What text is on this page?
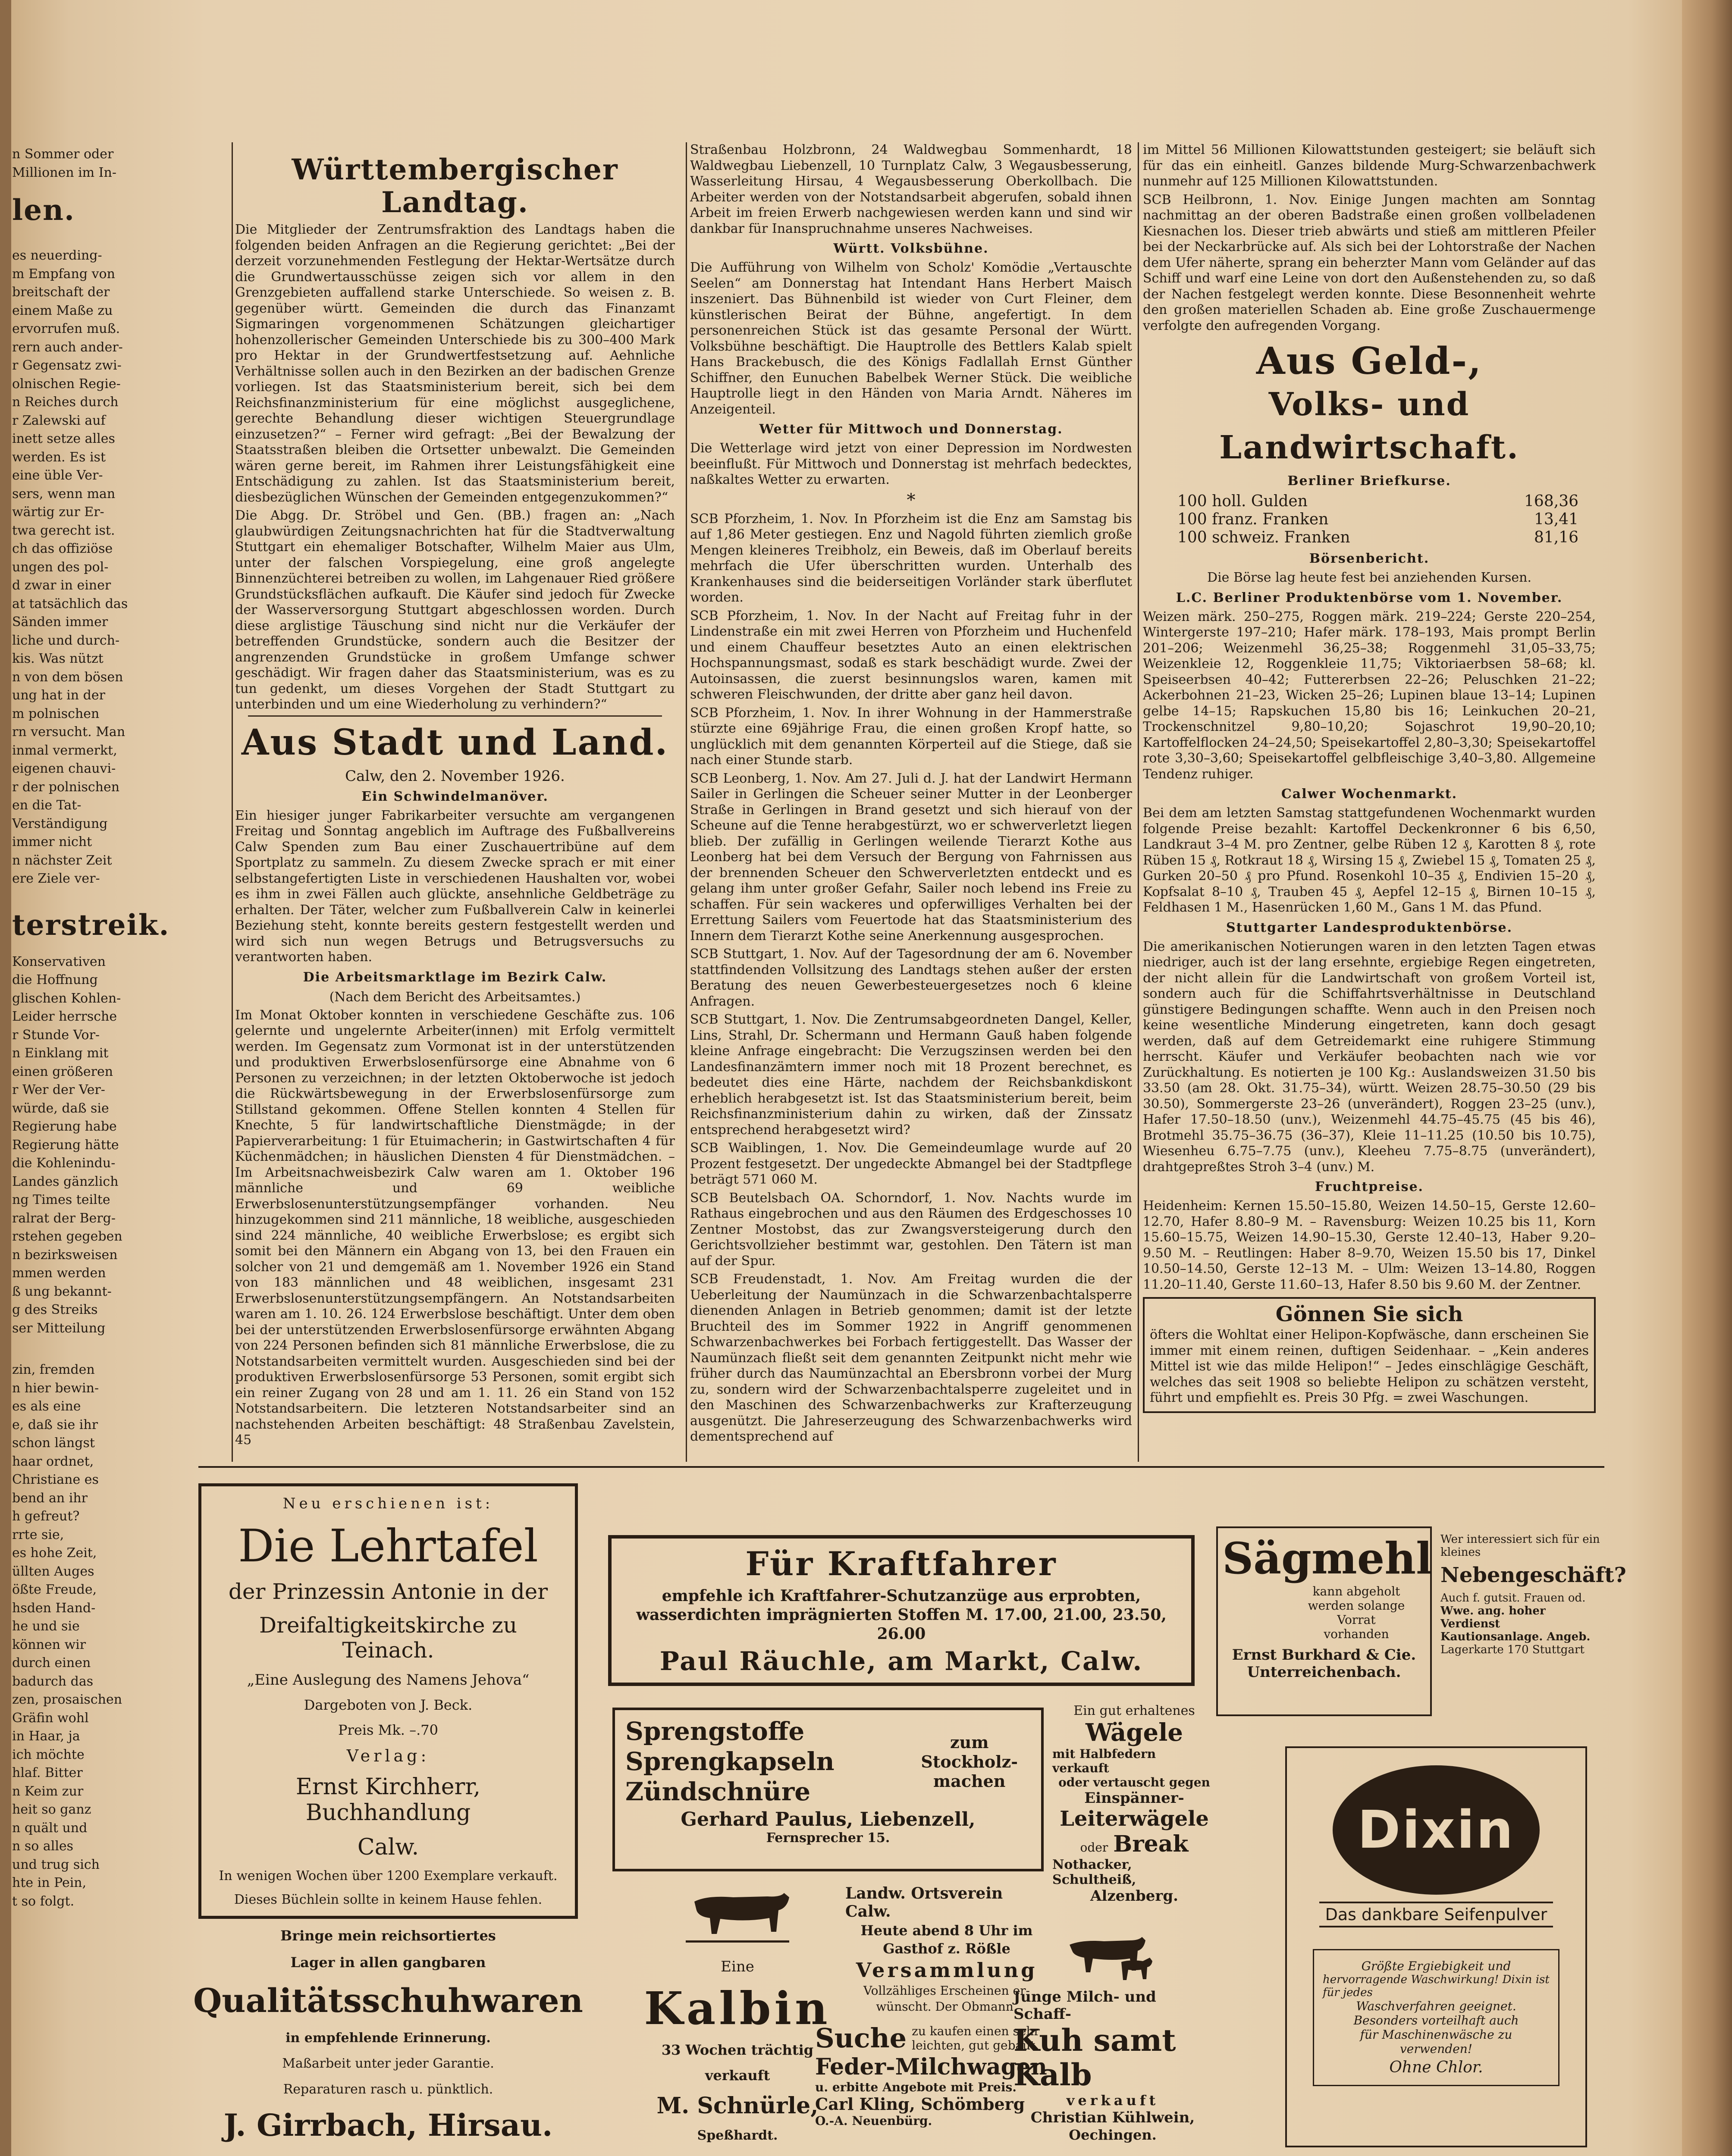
n Sommer oder

Millionen im In-

len.

es neuerding-

m Empfang von

breitschaft der

einem Maße zu

ervorrufen muß.

rern auch ander-

r Gegensatz zwi-

olnischen Regie-

n Reiches durch

r Zalewski auf

inett setze alles

werden. Es ist

eine üble Ver-

sers, wenn man

wärtig zur Er-

twa gerecht ist.

ch das offiziöse

ungen des pol-

d zwar in einer

at tatsächlich das

Sänden immer

liche und durch-

kis. Was nützt

n von dem bösen

ung hat in der

m polnischen

rn versucht. Man

inmal vermerkt,

eigenen chauvi-

r der polnischen

en die Tat-

Verständigung

immer nicht

n nächster Zeit

ere Ziele ver-

terstreik.

Konservativen

die Hoffnung

glischen Kohlen-

Leider herrsche

r Stunde Vor-

n Einklang mit

einen größeren

r Wer der Ver-

würde, daß sie

Regierung habe

Regierung hätte

die Kohlenindu-

Landes gänzlich

ng Times teilte

ralrat der Berg-

rstehen gegeben

n bezirksweisen

mmen werden

ß ung bekannt-

g des Streiks

ser Mitteilung

zin, fremden

n hier bewin-

es als eine

e, daß sie ihr

schon längst

haar ordnet,

Christiane es

bend an ihr

h gefreut?

rrte sie,

es hohe Zeit,

üllten Auges

ößte Freude,

hsden Hand-

he und sie

können wir

durch einen

badurch das

zen, prosaischen

Gräfin wohl

in Haar, ja

ich möchte

hlaf. Bitter

n Keim zur

heit so ganz

n quält und

n so alles

und trug sich

hte in Pein,

t so folgt.

Württembergischer Landtag.

Die Mitglieder der Zentrumsfraktion des Landtags haben die folgenden beiden Anfragen an die Regierung gerichtet: „Bei der derzeit vorzunehmenden Festlegung der Hektar-Wertsätze durch die Grundwertausschüsse zeigen sich vor allem in den Grenzgebieten auffallend starke Unterschiede. So weisen z. B. gegenüber württ. Gemeinden die durch das Finanzamt Sigmaringen vorgenommenen Schätzungen gleichartiger hohenzollerischer Gemeinden Unterschiede bis zu 300–400 Mark pro Hektar in der Grundwertfestsetzung auf. Aehnliche Verhältnisse sollen auch in den Bezirken an der badischen Grenze vorliegen. Ist das Staatsministerium bereit, sich bei dem Reichsfinanzministerium für eine möglichst ausgeglichene, gerechte Behandlung dieser wichtigen Steuergrundlage einzusetzen?“ – Ferner wird gefragt: „Bei der Bewalzung der Staatsstraßen bleiben die Ortsetter unbewalzt. Die Gemeinden wären gerne bereit, im Rahmen ihrer Leistungsfähigkeit eine Entschädigung zu zahlen. Ist das Staatsministerium bereit, diesbezüglichen Wünschen der Gemeinden entgegenzukommen?“

Die Abgg. Dr. Ströbel und Gen. (BB.) fragen an: „Nach glaubwürdigen Zeitungsnachrichten hat für die Stadtverwaltung Stuttgart ein ehemaliger Botschafter, Wilhelm Maier aus Ulm, unter der falschen Vorspiegelung, eine groß angelegte Binnenzüchterei betreiben zu wollen, im Lahgenauer Ried größere Grundstücksflächen aufkauft. Die Käufer sind jedoch für Zwecke der Wasserversorgung Stuttgart abgeschlossen worden. Durch diese arglistige Täuschung sind nicht nur die Verkäufer der betreffenden Grundstücke, sondern auch die Besitzer der angrenzenden Grundstücke in großem Umfange schwer geschädigt. Wir fragen daher das Staatsministerium, was es zu tun gedenkt, um dieses Vorgehen der Stadt Stuttgart zu unterbinden und um eine Wiederholung zu verhindern?“

Aus Stadt und Land.
Calw, den 2. November 1926.
Ein Schwindelmanöver.

Ein hiesiger junger Fabrikarbeiter versuchte am vergangenen Freitag und Sonntag angeblich im Auftrage des Fußballvereins Calw Spenden zum Bau einer Zuschauertribüne auf dem Sportplatz zu sammeln. Zu diesem Zwecke sprach er mit einer selbstangefertigten Liste in verschiedenen Haushalten vor, wobei es ihm in zwei Fällen auch glückte, ansehnliche Geldbeträge zu erhalten. Der Täter, welcher zum Fußballverein Calw in keinerlei Beziehung steht, konnte bereits gestern festgestellt werden und wird sich nun wegen Betrugs und Betrugsversuchs zu verantworten haben.

Die Arbeitsmarktlage im Bezirk Calw.
(Nach dem Bericht des Arbeitsamtes.)

Im Monat Oktober konnten in verschiedene Geschäfte zus. 106 gelernte und ungelernte Arbeiter(innen) mit Erfolg vermittelt werden. Im Gegensatz zum Vormonat ist in der unterstützenden und produktiven Erwerbslosenfürsorge eine Abnahme von 6 Personen zu verzeichnen; in der letzten Oktoberwoche ist jedoch die Rückwärtsbewegung in der Erwerbslosenfürsorge zum Stillstand gekommen. Offene Stellen konnten 4 Stellen für Knechte, 5 für landwirtschaftliche Dienstmägde; in der Papierverarbeitung: 1 für Etuimacherin; in Gastwirtschaften 4 für Küchenmädchen; in häuslichen Diensten 4 für Dienstmädchen. – Im Arbeitsnachweisbezirk Calw waren am 1. Oktober 196 männliche und 69 weibliche Erwerbslosenunterstützungsempfänger vorhanden. Neu hinzugekommen sind 211 männliche, 18 weibliche, ausgeschieden sind 224 männliche, 40 weibliche Erwerbslose; es ergibt sich somit bei den Männern ein Abgang von 13, bei den Frauen ein solcher von 21 und demgemäß am 1. November 1926 ein Stand von 183 männlichen und 48 weiblichen, insgesamt 231 Erwerbslosenunterstützungsempfängern. An Notstandsarbeiten waren am 1. 10. 26. 124 Erwerbslose beschäftigt. Unter dem oben bei der unterstützenden Erwerbslosenfürsorge erwähnten Abgang von 224 Personen befinden sich 81 männliche Erwerbslose, die zu Notstandsarbeiten vermittelt wurden. Ausgeschieden sind bei der produktiven Erwerbslosenfürsorge 53 Personen, somit ergibt sich ein reiner Zugang von 28 und am 1. 11. 26 ein Stand von 152 Notstandsarbeitern. Die letzteren Notstandsarbeiter sind an nachstehenden Arbeiten beschäftigt: 48 Straßenbau Zavelstein, 45

Straßenbau Holzbronn, 24 Waldwegbau Sommenhardt, 18 Waldwegbau Liebenzell, 10 Turnplatz Calw, 3 Wegausbesserung, Wasserleitung Hirsau, 4 Wegausbesserung Oberkollbach. Die Arbeiter werden von der Notstandsarbeit abgerufen, sobald ihnen Arbeit im freien Erwerb nachgewiesen werden kann und sind wir dankbar für Inanspruchnahme unseres Nachweises.

Württ. Volksbühne.

Die Aufführung von Wilhelm von Scholz' Komödie „Vertauschte Seelen“ am Donnerstag hat Intendant Hans Herbert Maisch inszeniert. Das Bühnenbild ist wieder von Curt Fleiner, dem künstlerischen Beirat der Bühne, angefertigt. In dem personenreichen Stück ist das gesamte Personal der Württ. Volksbühne beschäftigt. Die Hauptrolle des Bettlers Kalab spielt Hans Brackebusch, die des Königs Fadlallah Ernst Günther Schiffner, den Eunuchen Babelbek Werner Stück. Die weibliche Hauptrolle liegt in den Händen von Maria Arndt. Näheres im Anzeigenteil.

Wetter für Mittwoch und Donnerstag.

Die Wetterlage wird jetzt von einer Depression im Nordwesten beeinflußt. Für Mittwoch und Donnerstag ist mehrfach bedecktes, naßkaltes Wetter zu erwarten.

*

SCB Pforzheim, 1. Nov. In Pforzheim ist die Enz am Samstag bis auf 1,86 Meter gestiegen. Enz und Nagold führten ziemlich große Mengen kleineres Treibholz, ein Beweis, daß im Oberlauf bereits mehrfach die Ufer überschritten wurden. Unterhalb des Krankenhauses sind die beiderseitigen Vorländer stark überflutet worden.

SCB Pforzheim, 1. Nov. In der Nacht auf Freitag fuhr in der Lindenstraße ein mit zwei Herren von Pforzheim und Huchenfeld und einem Chauffeur besetztes Auto an einen elektrischen Hochspannungsmast, sodaß es stark beschädigt wurde. Zwei der Autoinsassen, die zuerst besinnungslos waren, kamen mit schweren Fleischwunden, der dritte aber ganz heil davon.

SCB Pforzheim, 1. Nov. In ihrer Wohnung in der Hammerstraße stürzte eine 69jährige Frau, die einen großen Kropf hatte, so unglücklich mit dem genannten Körperteil auf die Stiege, daß sie nach einer Stunde starb.

SCB Leonberg, 1. Nov. Am 27. Juli d. J. hat der Landwirt Hermann Sailer in Gerlingen die Scheuer seiner Mutter in der Leonberger Straße in Gerlingen in Brand gesetzt und sich hierauf von der Scheune auf die Tenne herabgestürzt, wo er schwerverletzt liegen blieb. Der zufällig in Gerlingen weilende Tierarzt Kothe aus Leonberg hat bei dem Versuch der Bergung von Fahrnissen aus der brennenden Scheuer den Schwerverletzten entdeckt und es gelang ihm unter großer Gefahr, Sailer noch lebend ins Freie zu schaffen. Für sein wackeres und opferwilliges Verhalten bei der Errettung Sailers vom Feuertode hat das Staatsministerium des Innern dem Tierarzt Kothe seine Anerkennung ausgesprochen.

SCB Stuttgart, 1. Nov. Auf der Tagesordnung der am 6. November stattfindenden Vollsitzung des Landtags stehen außer der ersten Beratung des neuen Gewerbesteuergesetzes noch 6 kleine Anfragen.

SCB Stuttgart, 1. Nov. Die Zentrumsabgeordneten Dangel, Keller, Lins, Strahl, Dr. Schermann und Hermann Gauß haben folgende kleine Anfrage eingebracht: Die Verzugszinsen werden bei den Landesfinanzämtern immer noch mit 18 Prozent berechnet, es bedeutet dies eine Härte, nachdem der Reichsbankdiskont erheblich herabgesetzt ist. Ist das Staatsministerium bereit, beim Reichsfinanzministerium dahin zu wirken, daß der Zinssatz entsprechend herabgesetzt wird?

SCB Waiblingen, 1. Nov. Die Gemeindeumlage wurde auf 20 Prozent festgesetzt. Der ungedeckte Abmangel bei der Stadtpflege beträgt 571 060 M.

SCB Beutelsbach OA. Schorndorf, 1. Nov. Nachts wurde im Rathaus eingebrochen und aus den Räumen des Erdgeschosses 10 Zentner Mostobst, das zur Zwangsversteigerung durch den Gerichtsvollzieher bestimmt war, gestohlen. Den Tätern ist man auf der Spur.

SCB Freudenstadt, 1. Nov. Am Freitag wurden die der Ueberleitung der Naumünzach in die Schwarzenbachtalsperre dienenden Anlagen in Betrieb genommen; damit ist der letzte Bruchteil des im Sommer 1922 in Angriff genommenen Schwarzenbachwerkes bei Forbach fertiggestellt. Das Wasser der Naumünzach fließt seit dem genannten Zeitpunkt nicht mehr wie früher durch das Naumünzachtal an Ebersbronn vorbei der Murg zu, sondern wird der Schwarzenbachtalsperre zugeleitet und in den Maschinen des Schwarzenbachwerks zur Krafterzeugung ausgenützt. Die Jahreserzeugung des Schwarzenbachwerks wird dementsprechend auf

im Mittel 56 Millionen Kilowattstunden gesteigert; sie beläuft sich für das ein einheitl. Ganzes bildende Murg-Schwarzenbachwerk nunmehr auf 125 Millionen Kilowattstunden.

SCB Heilbronn, 1. Nov. Einige Jungen machten am Sonntag nachmittag an der oberen Badstraße einen großen vollbeladenen Kiesnachen los. Dieser trieb abwärts und stieß am mittleren Pfeiler bei der Neckarbrücke auf. Als sich bei der Lohtorstraße der Nachen dem Ufer näherte, sprang ein beherzter Mann vom Geländer auf das Schiff und warf eine Leine von dort den Außenstehenden zu, so daß der Nachen festgelegt werden konnte. Diese Besonnenheit wehrte den großen materiellen Schaden ab. Eine große Zuschauermenge verfolgte den aufregenden Vorgang.

Aus Geld-,
Volks- und Landwirtschaft.
Berliner Briefkurse.
100 holl. Gulden	168,36
100 franz. Franken	13,41
100 schweiz. Franken	81,16
Börsenbericht.

Die Börse lag heute fest bei anziehenden Kursen.

L.C. Berliner Produktenbörse vom 1. November.

Weizen märk. 250–275, Roggen märk. 219–224; Gerste 220–254, Wintergerste 197–210; Hafer märk. 178–193, Mais prompt Berlin 201–206; Weizenmehl 36,25–38; Roggenmehl 31,05–33,75; Weizenkleie 12, Roggenkleie 11,75; Viktoriaerbsen 58–68; kl. Speiseerbsen 40–42; Futtererbsen 22–26; Peluschken 21–22; Ackerbohnen 21–23, Wicken 25–26; Lupinen blaue 13–14; Lupinen gelbe 14–15; Rapskuchen 15,80 bis 16; Leinkuchen 20–21, Trockenschnitzel 9,80–10,20; Sojaschrot 19,90–20,10; Kartoffelflocken 24–24,50; Speisekartoffel 2,80–3,30; Speisekartoffel rote 3,30–3,60; Speisekartoffel gelbfleischige 3,40–3,80. Allgemeine Tendenz ruhiger.

Calwer Wochenmarkt.

Bei dem am letzten Samstag stattgefundenen Wochenmarkt wurden folgende Preise bezahlt: Kartoffel Deckenkronner 6 bis 6,50, Landkraut 3–4 M. pro Zentner, gelbe Rüben 12 ₰, Karotten 8 ₰, rote Rüben 15 ₰, Rotkraut 18 ₰, Wirsing 15 ₰, Zwiebel 15 ₰, Tomaten 25 ₰, Gurken 20–50 ₰ pro Pfund. Rosenkohl 10–35 ₰, Endivien 15–20 ₰, Kopfsalat 8–10 ₰, Trauben 45 ₰, Aepfel 12–15 ₰, Birnen 10–15 ₰, Feldhasen 1 M., Hasenrücken 1,60 M., Gans 1 M. das Pfund.

Stuttgarter Landesproduktenbörse.

Die amerikanischen Notierungen waren in den letzten Tagen etwas niedriger, auch ist der lang ersehnte, ergiebige Regen eingetreten, der nicht allein für die Landwirtschaft von großem Vorteil ist, sondern auch für die Schiffahrtsverhältnisse in Deutschland günstigere Bedingungen schaffte. Wenn auch in den Preisen noch keine wesentliche Minderung eingetreten, kann doch gesagt werden, daß auf dem Getreidemarkt eine ruhigere Stimmung herrscht. Käufer und Verkäufer beobachten nach wie vor Zurückhaltung. Es notierten je 100 Kg.: Auslandsweizen 31.50 bis 33.50 (am 28. Okt. 31.75–34), württ. Weizen 28.75–30.50 (29 bis 30.50), Sommergerste 23–26 (unverändert), Roggen 23–25 (unv.), Hafer 17.50–18.50 (unv.), Weizenmehl 44.75–45.75 (45 bis 46), Brotmehl 35.75–36.75 (36–37), Kleie 11–11.25 (10.50 bis 10.75), Wiesenheu 6.75–7.75 (unv.), Kleeheu 7.75–8.75 (unverändert), drahtgepreßtes Stroh 3–4 (unv.) M.

Fruchtpreise.

Heidenheim: Kernen 15.50–15.80, Weizen 14.50–15, Gerste 12.60–12.70, Hafer 8.80–9 M. – Ravensburg: Weizen 10.25 bis 11, Korn 15.60–15.75, Weizen 14.90–15.30, Gerste 12.40–13, Haber 9.20–9.50 M. – Reutlingen: Haber 8–9.70, Weizen 15.50 bis 17, Dinkel 10.50–14.50, Gerste 12–13 M. – Ulm: Weizen 13–14.80, Roggen 11.20–11.40, Gerste 11.60–13, Hafer 8.50 bis 9.60 M. der Zentner.

Gönnen Sie sich

öfters die Wohltat einer Helipon-Kopfwäsche, dann erscheinen Sie immer mit einem reinen, duftigen Seidenhaar. – „Kein anderes Mittel ist wie das milde Helipon!“ – Jedes einschlägige Geschäft, welches das seit 1908 so beliebte Helipon zu schätzen versteht, führt und empfiehlt es. Preis 30 Pfg. = zwei Waschungen.

Neu erschienen ist:
Die Lehrtafel
der Prinzessin Antonie in der
Dreifaltigkeitskirche zu Teinach.
„Eine Auslegung des Namens Jehova“
Dargeboten von J. Beck.
Preis Mk. –.70
Verlag:
Ernst Kirchherr, Buchhandlung
Calw.
In wenigen Wochen über 1200 Exemplare verkauft.
Dieses Büchlein sollte in keinem Hause fehlen.
Bringe mein reichsortiertes
Lager in allen gangbaren
Qualitätsschuhwaren
in empfehlende Erinnerung.
Maßarbeit unter jeder Garantie.
Reparaturen rasch u. pünktlich.
J. Girrbach, Hirsau.
Für Kraftfahrer
empfehle ich Kraftfahrer-Schutzanzüge aus erprobten, wasserdichten imprägnierten Stoffen M. 17.00, 21.00, 23.50, 26.00
Paul Räuchle, am Markt, Calw.
Sprengstoffe
Sprengkapseln
Zündschnüre
zum
Stockholz-
machen
Gerhard Paulus, Liebenzell,
Fernsprecher 15.
Eine
Kalbin
33 Wochen trächtig
verkauft
M. Schnürle,
Speßhardt.
Landw. Ortsverein Calw.
Heute abend 8 Uhr im
Gasthof z. Rößle
Versammlung
Vollzähliges Erscheinen er-
wünscht. Der Obmann.
Suche zu kaufen einen sehr
leichten, gut gebaut.
Feder-Milchwagen
u. erbitte Angebote mit Preis.
Carl Kling, Schömberg
O.-A. Neuenbürg.
Ein gut erhaltenes
Wägele
mit Halbfedern verkauft
oder vertauscht gegen
Einspänner-
Leiterwägele
oder Break
Nothacker, Schultheiß,
Alzenberg.
Junge Milch- und Schaff-
Kuh samt Kalb
verkauft
Christian Kühlwein,
Oechingen.
Sägmehl
kann abgeholt
werden solange
Vorrat
vorhanden
Ernst Burkhard & Cie.
Unterreichenbach.
Wer interessiert sich für ein
kleines
Nebengeschäft?
Auch f. gutsit. Frauen od.
Wwe. ang. hoher Verdienst
Kautionsanlage. Angeb.
Lagerkarte 170 Stuttgart
Dixin
Das dankbare Seifenpulver
Größte Ergiebigkeit und
hervorragende Waschwirkung! Dixin ist für jedes
Waschverfahren geeignet.
Besonders vorteilhaft auch
für Maschinenwäsche zu
verwenden!
Ohne Chlor.
